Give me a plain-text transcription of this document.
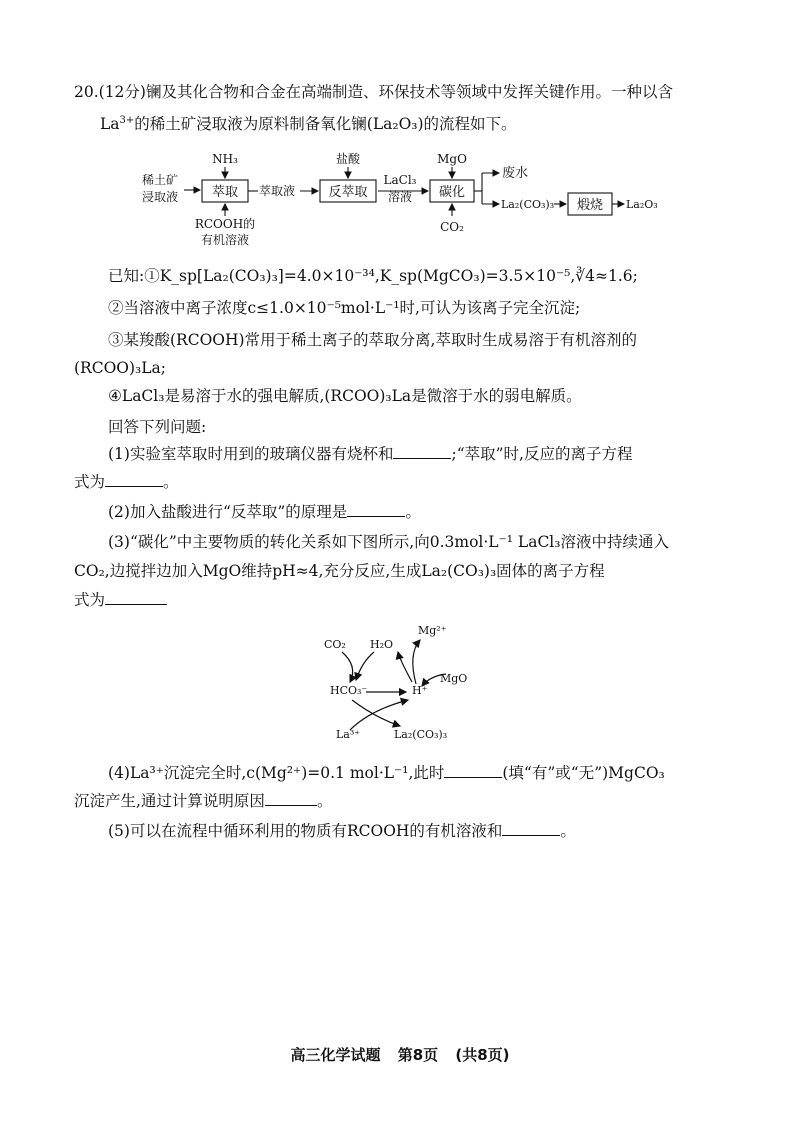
20.(12分)镧及其化合物和合金在高端制造、环保技术等领域中发挥关键作用。一种以含
$La^{3+}$的稀土矿浸取液为原料制备氧化镧(La₂O₃)的流程如下。
稀土矿
浸取液	萃取
NH₃
RCOOH的
有机溶液
萃取液	反萃取
盐酸
LaCl₃
溶液 碳化
MgO
CO₂
废水
La₂(CO₃)₃ 煅烧 La₂O₃
已知:①K_sp[La₂(CO₃)₃]=4.0×10⁻³⁴,K_sp(MgCO₃)=3.5×10⁻⁵,∛4≈1.6;
②当溶液中离子浓度c≤1.0×10⁻⁵mol·L⁻¹时,可认为该离子完全沉淀;
③某羧酸(RCOOH)常用于稀土离子的萃取分离,萃取时生成易溶于有机溶剂的
(RCOO)₃La;
④LaCl₃是易溶于水的强电解质,(RCOO)₃La是微溶于水的弱电解质。
回答下列问题:
(1)实验室萃取时用到的玻璃仪器有烧杯和	;“萃取”时,反应的离子方程
式为	。
(2)加入盐酸进行“反萃取”的原理是	。
(3)“碳化”中主要物质的转化关系如下图所示,向0.3mol·L⁻¹ LaCl₃溶液中持续通入
CO₂,边搅拌边加入MgO维持pH≈4,充分反应,生成La₂(CO₃)₃固体的离子方程
式为
CO₂ H₂O
Mg²⁺
MgO
HCO₃⁻	H⁺
La³⁺	La₂(CO₃)₃
(4)La³⁺沉淀完全时,c(Mg²⁺)=0.1 mol·L⁻¹,此时	(填“有”或“无”)MgCO₃
沉淀产生,通过计算说明原因	。
(5)可以在流程中循环利用的物质有RCOOH的有机溶液和	。
高三化学试题 第8页 (共8页)
